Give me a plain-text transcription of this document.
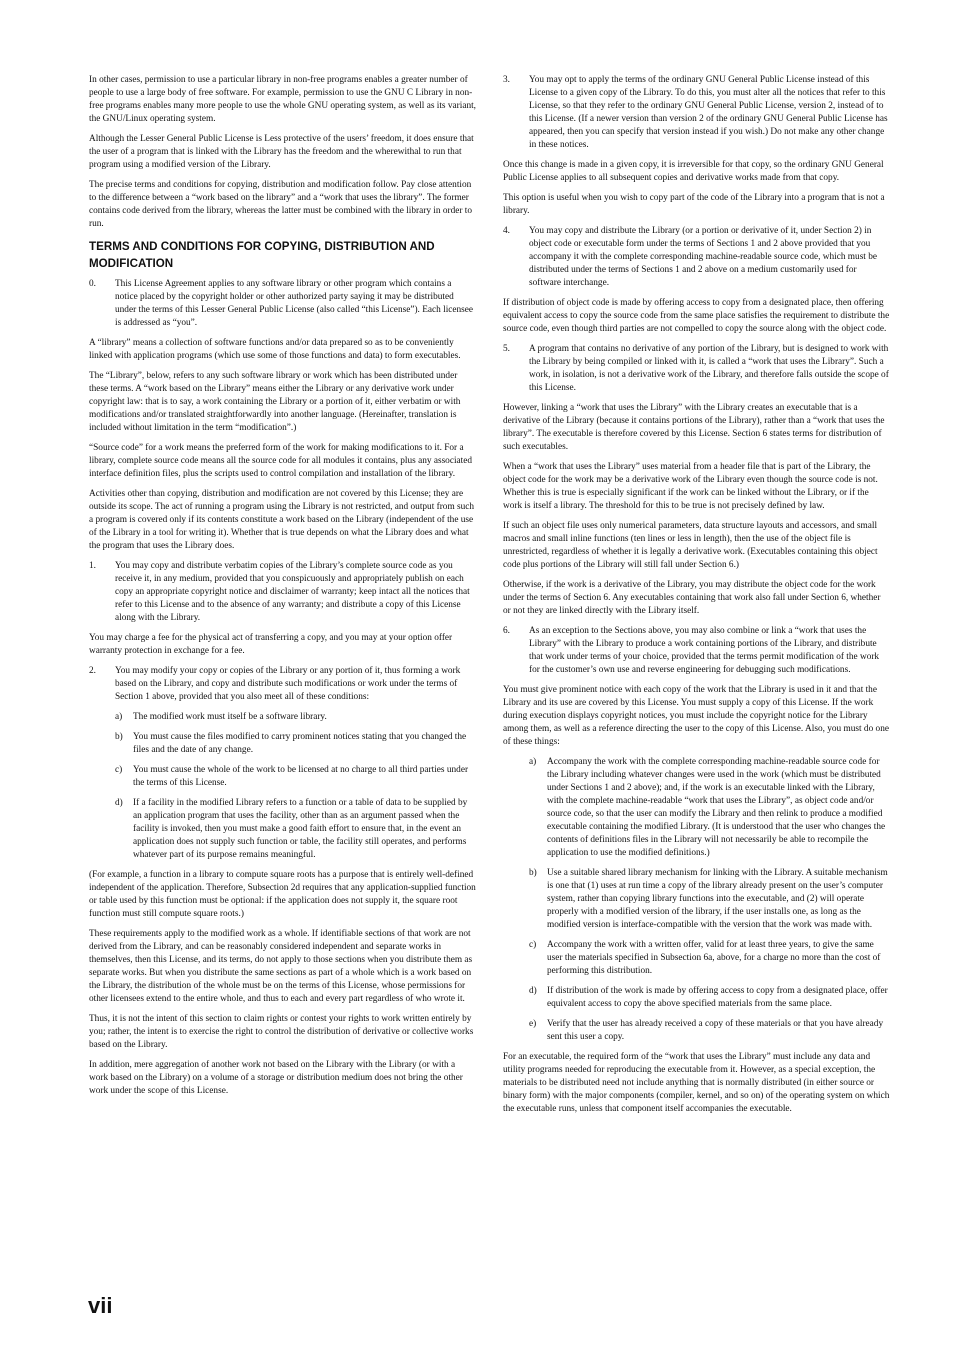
In other cases, permission to use a particular library in non-free programs enables a greater number of people to use a large body of free software. For example, permission to use the GNU C Library in non-free programs enables many more people to use the whole GNU operating system, as well as its variant, the GNU/Linux operating system.

Although the Lesser General Public License is Less protective of the users’ freedom, it does ensure that the user of a program that is linked with the Library has the freedom and the wherewithal to run that program using a modified version of the Library.

The precise terms and conditions for copying, distribution and modification follow. Pay close attention to the difference between a “work based on the library” and a “work that uses the library”. The former contains code derived from the library, whereas the latter must be combined with the library in order to run.

TERMS AND CONDITIONS FOR COPYING, DISTRIBUTION AND MODIFICATION
0.	This License Agreement applies to any software library or other program which contains a notice placed by the copyright holder or other authorized party saying it may be distributed under the terms of this Lesser General Public License (also called “this License”). Each licensee is addressed as “you”.

A “library” means a collection of software functions and/or data prepared so as to be conveniently linked with application programs (which use some of those functions and data) to form executables.

The “Library”, below, refers to any such software library or work which has been distributed under these terms. A “work based on the Library” means either the Library or any derivative work under copyright law: that is to say, a work containing the Library or a portion of it, either verbatim or with modifications and/or translated straightforwardly into another language. (Hereinafter, translation is included without limitation in the term “modification”.)

“Source code” for a work means the preferred form of the work for making modifications to it. For a library, complete source code means all the source code for all modules it contains, plus any associated interface definition files, plus the scripts used to control compilation and installation of the library.

Activities other than copying, distribution and modification are not covered by this License; they are outside its scope. The act of running a program using the Library is not restricted, and output from such a program is covered only if its contents constitute a work based on the Library (independent of the use of the Library in a tool for writing it). Whether that is true depends on what the Library does and what the program that uses the Library does.

1.	You may copy and distribute verbatim copies of the Library’s complete source code as you receive it, in any medium, provided that you conspicuously and appropriately publish on each copy an appropriate copyright notice and disclaimer of warranty; keep intact all the notices that refer to this License and to the absence of any warranty; and distribute a copy of this License along with the Library.

You may charge a fee for the physical act of transferring a copy, and you may at your option offer warranty protection in exchange for a fee.

2.	You may modify your copy or copies of the Library or any portion of it, thus forming a work based on the Library, and copy and distribute such modifications or work under the terms of Section 1 above, provided that you also meet all of these conditions:
a)	The modified work must itself be a software library.
b)	You must cause the files modified to carry prominent notices stating that you changed the files and the date of any change.
c)	You must cause the whole of the work to be licensed at no charge to all third parties under the terms of this License.
d)	If a facility in the modified Library refers to a function or a table of data to be supplied by an application program that uses the facility, other than as an argument passed when the facility is invoked, then you must make a good faith effort to ensure that, in the event an application does not supply such function or table, the facility still operates, and performs whatever part of its purpose remains meaningful.

(For example, a function in a library to compute square roots has a purpose that is entirely well-defined independent of the application. Therefore, Subsection 2d requires that any application-supplied function or table used by this function must be optional: if the application does not supply it, the square root function must still compute square roots.)

These requirements apply to the modified work as a whole. If identifiable sections of that work are not derived from the Library, and can be reasonably considered independent and separate works in themselves, then this License, and its terms, do not apply to those sections when you distribute them as separate works. But when you distribute the same sections as part of a whole which is a work based on the Library, the distribution of the whole must be on the terms of this License, whose permissions for other licensees extend to the entire whole, and thus to each and every part regardless of who wrote it.

Thus, it is not the intent of this section to claim rights or contest your rights to work written entirely by you; rather, the intent is to exercise the right to control the distribution of derivative or collective works based on the Library.

In addition, mere aggregation of another work not based on the Library with the Library (or with a work based on the Library) on a volume of a storage or distribution medium does not bring the other work under the scope of this License.

3.	You may opt to apply the terms of the ordinary GNU General Public License instead of this License to a given copy of the Library. To do this, you must alter all the notices that refer to this License, so that they refer to the ordinary GNU General Public License, version 2, instead of to this License. (If a newer version than version 2 of the ordinary GNU General Public License has appeared, then you can specify that version instead if you wish.) Do not make any other change in these notices.

Once this change is made in a given copy, it is irreversible for that copy, so the ordinary GNU General Public License applies to all subsequent copies and derivative works made from that copy.

This option is useful when you wish to copy part of the code of the Library into a program that is not a library.

4.	You may copy and distribute the Library (or a portion or derivative of it, under Section 2) in object code or executable form under the terms of Sections 1 and 2 above provided that you accompany it with the complete corresponding machine-readable source code, which must be distributed under the terms of Sections 1 and 2 above on a medium customarily used for software interchange.

If distribution of object code is made by offering access to copy from a designated place, then offering equivalent access to copy the source code from the same place satisfies the requirement to distribute the source code, even though third parties are not compelled to copy the source along with the object code.

5.	A program that contains no derivative of any portion of the Library, but is designed to work with the Library by being compiled or linked with it, is called a “work that uses the Library”. Such a work, in isolation, is not a derivative work of the Library, and therefore falls outside the scope of this License.

However, linking a “work that uses the Library” with the Library creates an executable that is a derivative of the Library (because it contains portions of the Library), rather than a “work that uses the library”. The executable is therefore covered by this License. Section 6 states terms for distribution of such executables.

When a “work that uses the Library” uses material from a header file that is part of the Library, the object code for the work may be a derivative work of the Library even though the source code is not. Whether this is true is especially significant if the work can be linked without the Library, or if the work is itself a library. The threshold for this to be true is not precisely defined by law.

If such an object file uses only numerical parameters, data structure layouts and accessors, and small macros and small inline functions (ten lines or less in length), then the use of the object file is unrestricted, regardless of whether it is legally a derivative work. (Executables containing this object code plus portions of the Library will still fall under Section 6.)

Otherwise, if the work is a derivative of the Library, you may distribute the object code for the work under the terms of Section 6. Any executables containing that work also fall under Section 6, whether or not they are linked directly with the Library itself.

6.	As an exception to the Sections above, you may also combine or link a “work that uses the Library” with the Library to produce a work containing portions of the Library, and distribute that work under terms of your choice, provided that the terms permit modification of the work for the customer’s own use and reverse engineering for debugging such modifications.

You must give prominent notice with each copy of the work that the Library is used in it and that the Library and its use are covered by this License. You must supply a copy of this License. If the work during execution displays copyright notices, you must include the copyright notice for the Library among them, as well as a reference directing the user to the copy of this License. Also, you must do one of these things:

a)	Accompany the work with the complete corresponding machine-readable source code for the Library including whatever changes were used in the work (which must be distributed under Sections 1 and 2 above); and, if the work is an executable linked with the Library, with the complete machine-readable “work that uses the Library”, as object code and/or source code, so that the user can modify the Library and then relink to produce a modified executable containing the modified Library. (It is understood that the user who changes the contents of definitions files in the Library will not necessarily be able to recompile the application to use the modified definitions.)
b)	Use a suitable shared library mechanism for linking with the Library. A suitable mechanism is one that (1) uses at run time a copy of the library already present on the user’s computer system, rather than copying library functions into the executable, and (2) will operate properly with a modified version of the library, if the user installs one, as long as the modified version is interface-compatible with the version that the work was made with.
c)	Accompany the work with a written offer, valid for at least three years, to give the same user the materials specified in Subsection 6a, above, for a charge no more than the cost of performing this distribution.
d)	If distribution of the work is made by offering access to copy from a designated place, offer equivalent access to copy the above specified materials from the same place.
e)	Verify that the user has already received a copy of these materials or that you have already sent this user a copy.

For an executable, the required form of the “work that uses the Library” must include any data and utility programs needed for reproducing the executable from it. However, as a special exception, the materials to be distributed need not include anything that is normally distributed (in either source or binary form) with the major components (compiler, kernel, and so on) of the operating system on which the executable runs, unless that component itself accompanies the executable.

vii
